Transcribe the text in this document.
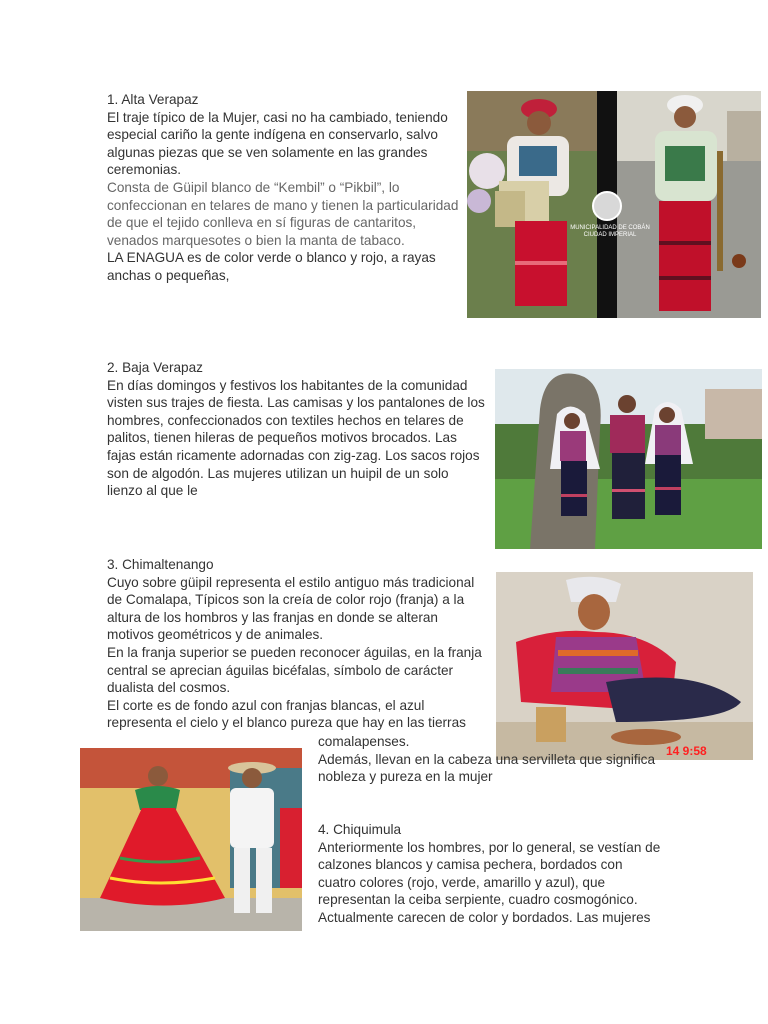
1. Alta Verapaz

El traje típico de la Mujer, casi no ha cambiado, teniendo especial cariño la gente indígena en conservarlo, salvo algunas piezas que se ven solamente en las grandes ceremonias.

Consta de Güipil blanco de “Kembil” o “Pikbil”, lo confeccionan en telares de mano y tienen la particularidad de que el tejido conlleva en sí figuras de cantaritos, venados marquesotes o bien la manta de tabaco.

LA ENAGUA es de color verde o blanco y rojo, a rayas anchas o pequeñas,

2. Baja Verapaz

En días domingos y festivos los habitantes de la comunidad visten sus trajes de fiesta. Las camisas y los pantalones de los hombres, confeccionados con textiles hechos en telares de palitos, tienen hileras de pequeños motivos brocados. Las fajas están ricamente adornadas con zig-zag. Los sacos rojos son de algodón. Las mujeres utilizan un huipil de un solo lienzo al que le

3. Chimaltenango

Cuyo sobre güipil representa el estilo antiguo más tradicional de Comalapa, Típicos son la creía de color rojo (franja) a la altura de los hombros y las franjas en donde se alteran motivos geométricos y de animales.

En la franja superior se pueden reconocer águilas, en la franja central se aprecian águilas bicéfalas, símbolo de carácter dualista del cosmos.

El corte es de fondo azul con franjas blancas, el azul representa el cielo y el blanco pureza que hay en las tierras

14 9:58

comalapenses.

Además, llevan en la cabeza una servilleta que significa nobleza y pureza en la mujer

4. Chiquimula

Anteriormente los hombres, por lo general, se vestían de calzones blancos y camisa pechera, bordados con cuatro colores (rojo, verde, amarillo y azul), que representan la ceiba serpiente, cuadro cosmogónico. Actualmente carecen de color y bordados. Las mujeres

MUNICIPALIDAD DE COBÁN
CIUDAD IMPERIAL
